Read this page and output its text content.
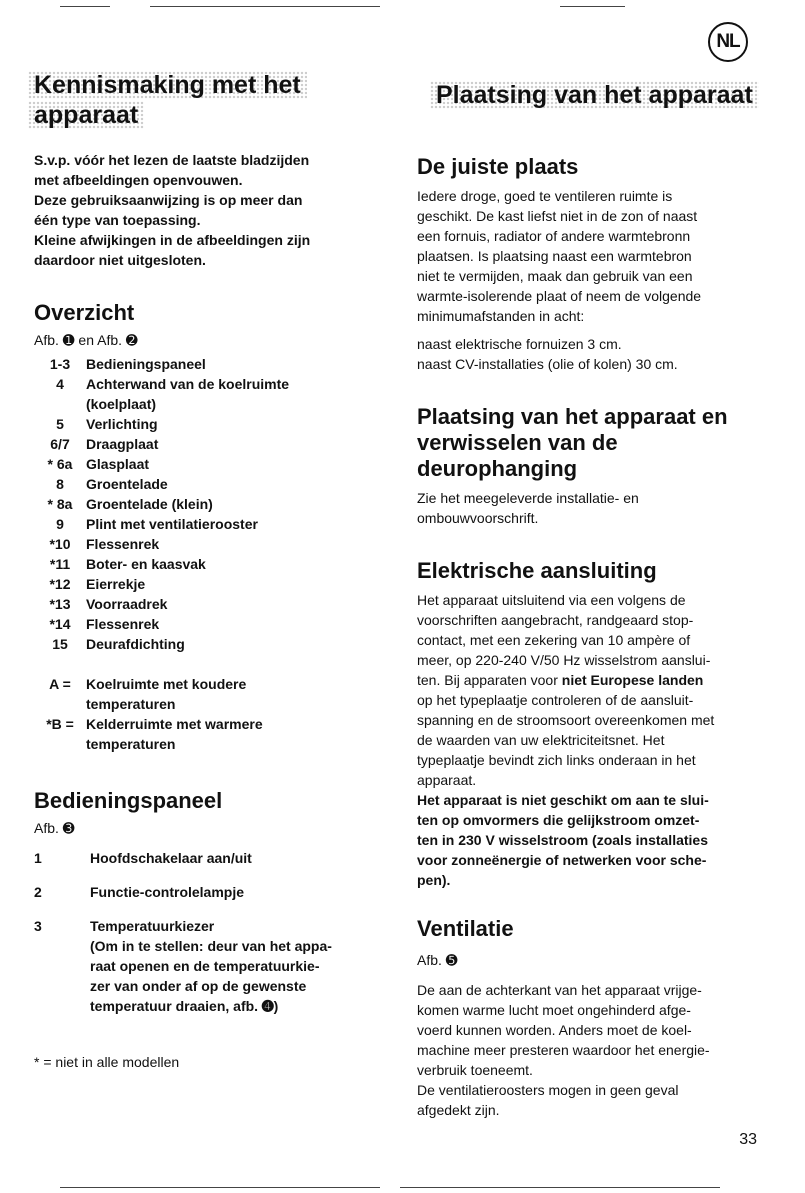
NL
Kennismaking met het
apparaat
Plaatsing van het apparaat

S.v.p. vóór het lezen de laatste bladzijden

met afbeeldingen openvouwen.

Deze gebruiksaanwijzing is op meer dan

één type van toepassing.

Kleine afwijkingen in de afbeeldingen zijn

daardoor niet uitgesloten.

Overzicht

Afb. ➊ en Afb. ➋

1-3	Bedieningspaneel
4	Achterwand van de koelruimte
(koelplaat)
5	Verlichting
6/7	Draagplaat
* 6a Glasplaat
8	Groentelade
* 8a Groentelade (klein)
9	Plint met ventilatierooster
*10	Flessenrek
*11	Boter- en kaasvak
*12	Eierrekje
*13	Voorraadrek
*14	Flessenrek
15	Deurafdichting
A =	Koelruimte met koudere
temperaturen
*B = Kelderruimte met warmere
temperaturen
Bedieningspaneel

Afb. ➌

1	Hoofdschakelaar aan/uit
2	Functie-controlelampje
3	Temperatuurkiezer

(Om in te stellen: deur van het appa-

raat openen en de temperatuurkie-

zer van onder af op de gewenste

temperatuur draaien, afb. ➍)

* = niet in alle modellen

De juiste plaats

Iedere droge, goed te ventileren ruimte is

geschikt. De kast liefst niet in de zon of naast

een fornuis, radiator of andere warmtebronn

plaatsen. Is plaatsing naast een warmtebron

niet te vermijden, maak dan gebruik van een

warmte-isolerende plaat of neem de volgende

minimumafstanden in acht:

naast elektrische fornuizen 3 cm.

naast CV-installaties (olie of kolen) 30 cm.

Plaatsing van het apparaat en
verwisselen van de
deurophanging

Zie het meegeleverde installatie- en

ombouwvoorschrift.

Elektrische aansluiting

Het apparaat uitsluitend via een volgens de

voorschriften aangebracht, randgeaard stop-

contact, met een zekering van 10 ampère of

meer, op 220-240 V/50 Hz wisselstrom aanslui-

ten. Bij apparaten voor niet Europese landen

op het typeplaatje controleren of de aansluit-

spanning en de stroomsoort overeenkomen met

de waarden van uw elektriciteitsnet. Het

typeplaatje bevindt zich links onderaan in het

apparaat.

Het apparaat is niet geschikt om aan te slui-

ten op omvormers die gelijkstroom omzet-

ten in 230 V wisselstroom (zoals installaties

voor zonneënergie of netwerken voor sche-

pen).

Ventilatie

Afb. ➎

De aan de achterkant van het apparaat vrijge-

komen warme lucht moet ongehinderd afge-

voerd kunnen worden. Anders moet de koel-

machine meer presteren waardoor het energie-

verbruik toeneemt.

De ventilatieroosters mogen in geen geval

afgedekt zijn.

33
